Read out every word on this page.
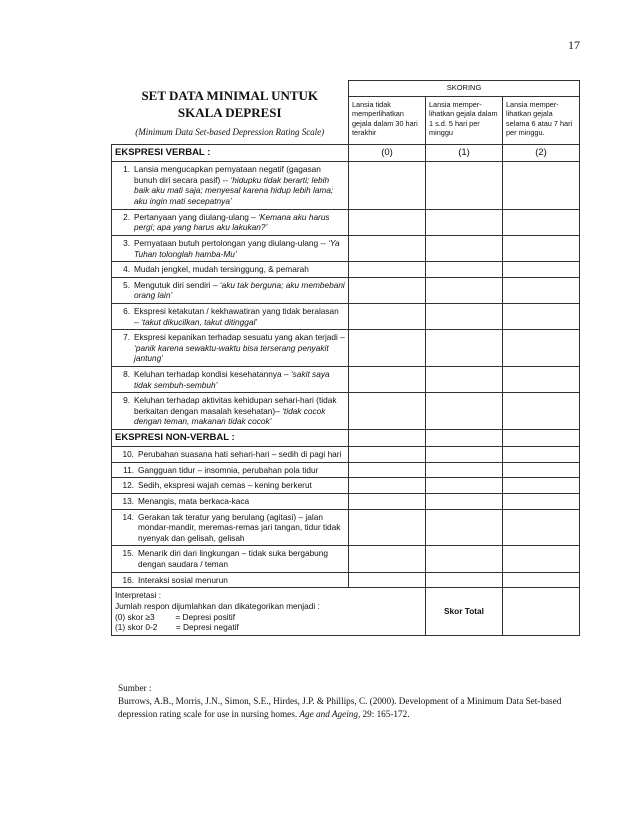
17
SET DATA MINIMAL UNTUK
SKALA DEPRESI
(Minimum Data Set-based Depression Rating Scale)	SKORING		
	Lansia tidak memperlihatkan gejala dalam 30 hari terakhir	Lansia memper-lihatkan gejala dalam 1 s.d. 5 hari per minggu	Lansia memper-lihatkan gejala selama 6 atau 7 hari per minggu.
EKSPRESI VERBAL :	(0)	(1)	(2)

1. Lansia mengucapkan pernyataan negatif (gagasan bunuh diri secara pasif) -- ‘hidupku tidak berarti; lebih baik aku mati saja; menyesal karena hidup lebih lama; aku ingin mati secepatnya’			

2. Pertanyaan yang diulang-ulang – ‘Kemana aku harus pergi; apa yang harus aku lakukan?’			

3. Pernyataan butuh pertolongan yang diulang-ulang -- ‘Ya Tuhan tolonglah hamba-Mu’			

4. Mudah jengkel, mudah tersinggung, & pemarah			

5. Mengutuk diri sendiri – ‘aku tak berguna; aku membebani orang lain’			

6. Ekspresi ketakutan / kekhawatiran yang tidak beralasan – ‘takut dikucilkan, takut ditinggal’			

7. Ekspresi kepanikan terhadap sesuatu yang akan terjadi – ‘panik karena sewaktu-waktu bisa terserang penyakit jantung’			

8. Keluhan terhadap kondisi kesehatannya – ‘sakit saya tidak sembuh-sembuh’			

9. Keluhan terhadap aktivitas kehidupan sehari-hari (tidak berkaitan dengan masalah kesehatan)– ‘tidak cocok dengan teman, makanan tidak cocok’			

EKSPRESI NON-VERBAL :			

10. Perubahan suasana hati sehari-hari – sedih di pagi hari			

11. Gangguan tidur – insomnia, perubahan pola tidur			

12. Sedih, ekspresi wajah cemas – kening berkerut			

13. Menangis, mata berkaca-kaca			

14. Gerakan tak teratur yang berulang (agitasi) – jalan mondar-mandir, meremas-remas jari tangan, tidur tidak nyenyak dan gelisah, gelisah			

15. Menarik diri dari lingkungan – tidak suka bergabung dengan saudara / teman			

16. Interaksi sosial menurun			

Interpretasi :
Jumlah respon dijumlahkan dan dikategorikan menjadi :
(0) skor ≥3         = Depresi positif
(1) skor 0-2        = Depresi negatif		Skor Total	
Sumber :
Burrows, A.B., Morris, J.N., Simon, S.E., Hirdes, J.P. & Phillips, C. (2000). Development of a Minimum Data Set-based depression rating scale for use in nursing homes. Age and Ageing, 29: 165-172.
